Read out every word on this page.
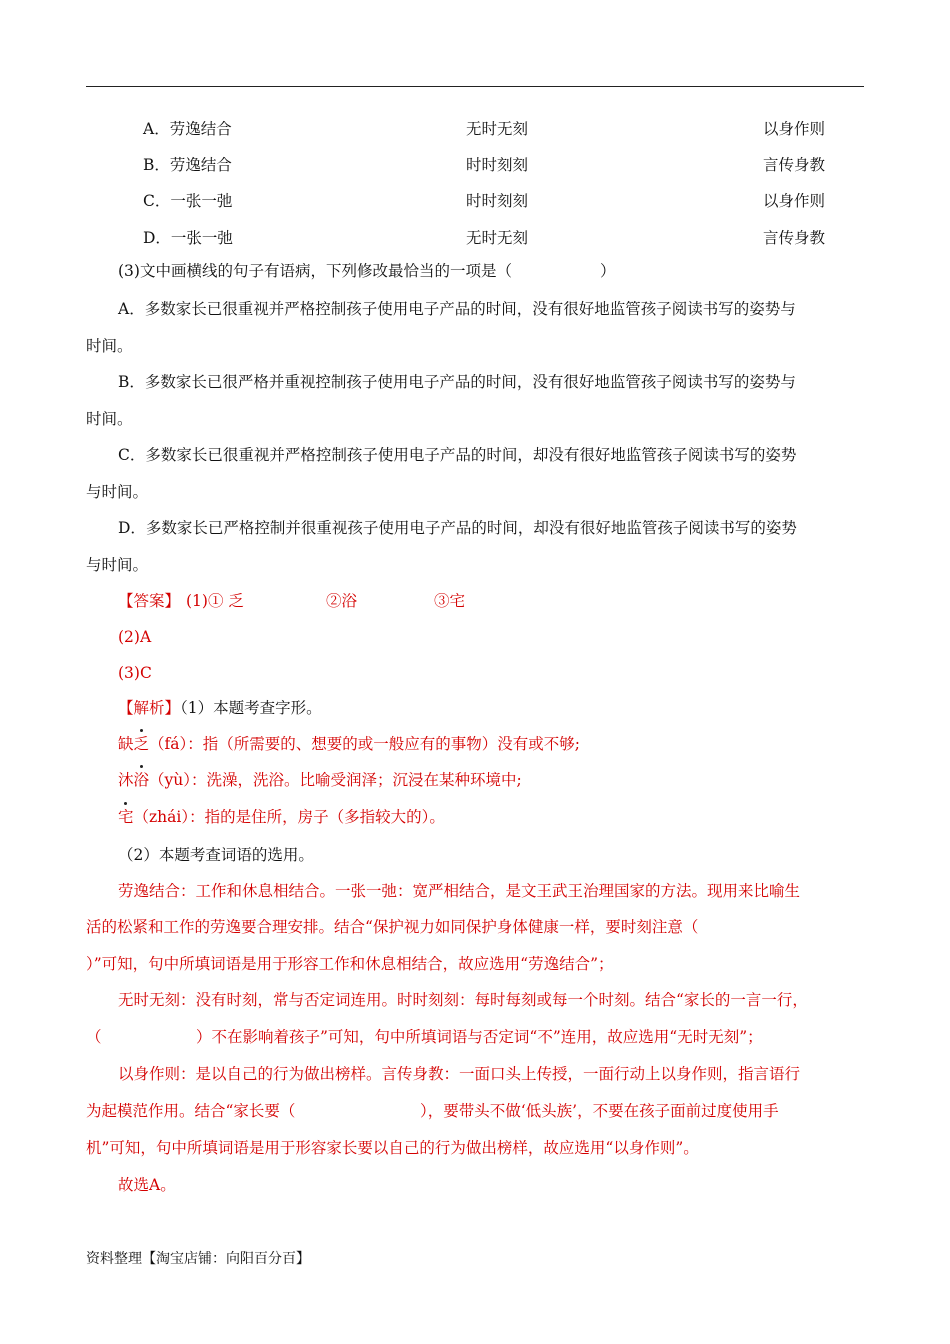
A．劳逸结合	无时无刻	以身作则
B．劳逸结合	时时刻刻	言传身教
C．一张一弛	时时刻刻	以身作则
D．一张一弛	无时无刻	言传身教
(3)文中画横线的句子有语病，下列修改最恰当的一项是（	）
A．多数家长已很重视并严格控制孩子使用电子产品的时间，没有很好地监管孩子阅读书写的姿势与
时间。
B．多数家长已很严格并重视控制孩子使用电子产品的时间，没有很好地监管孩子阅读书写的姿势与
时间。
C．多数家长已很重视并严格控制孩子使用电子产品的时间，却没有很好地监管孩子阅读书写的姿势
与时间。
D．多数家长已严格控制并很重视孩子使用电子产品的时间，却没有很好地监管孩子阅读书写的姿势
与时间。
【答案】 (1)① 乏	②浴	③宅
(2)A
(3)C
【解析】（1）本题考查字形。
缺乏（fá）：指（所需要的、想要的或一般应有的事物）没有或不够;
沐浴（yù）：洗澡，洗浴。比喻受润泽；沉浸在某种环境中;
宅（zhái）：指的是住所，房子（多指较大的）。
（2）本题考查词语的选用。
劳逸结合：工作和休息相结合。一张一弛：宽严相结合，是文王武王治理国家的方法。现用来比喻生
活的松紧和工作的劳逸要合理安排。结合“保护视力如同保护身体健康一样，要时刻注意（
）”可知，句中所填词语是用于形容工作和休息相结合，故应选用“劳逸结合”；
无时无刻：没有时刻，常与否定词连用。时时刻刻：每时每刻或每一个时刻。结合“家长的一言一行，
（	）不在影响着孩子”可知，句中所填词语与否定词“不”连用，故应选用“无时无刻”；
以身作则：是以自己的行为做出榜样。言传身教：一面口头上传授，一面行动上以身作则，指言语行
为起模范作用。结合“家长要（	），要带头不做‘低头族’，不要在孩子面前过度使用手
机”可知，句中所填词语是用于形容家长要以自己的行为做出榜样，故应选用“以身作则”。
故选A。
资料整理【淘宝店铺：向阳百分百】
